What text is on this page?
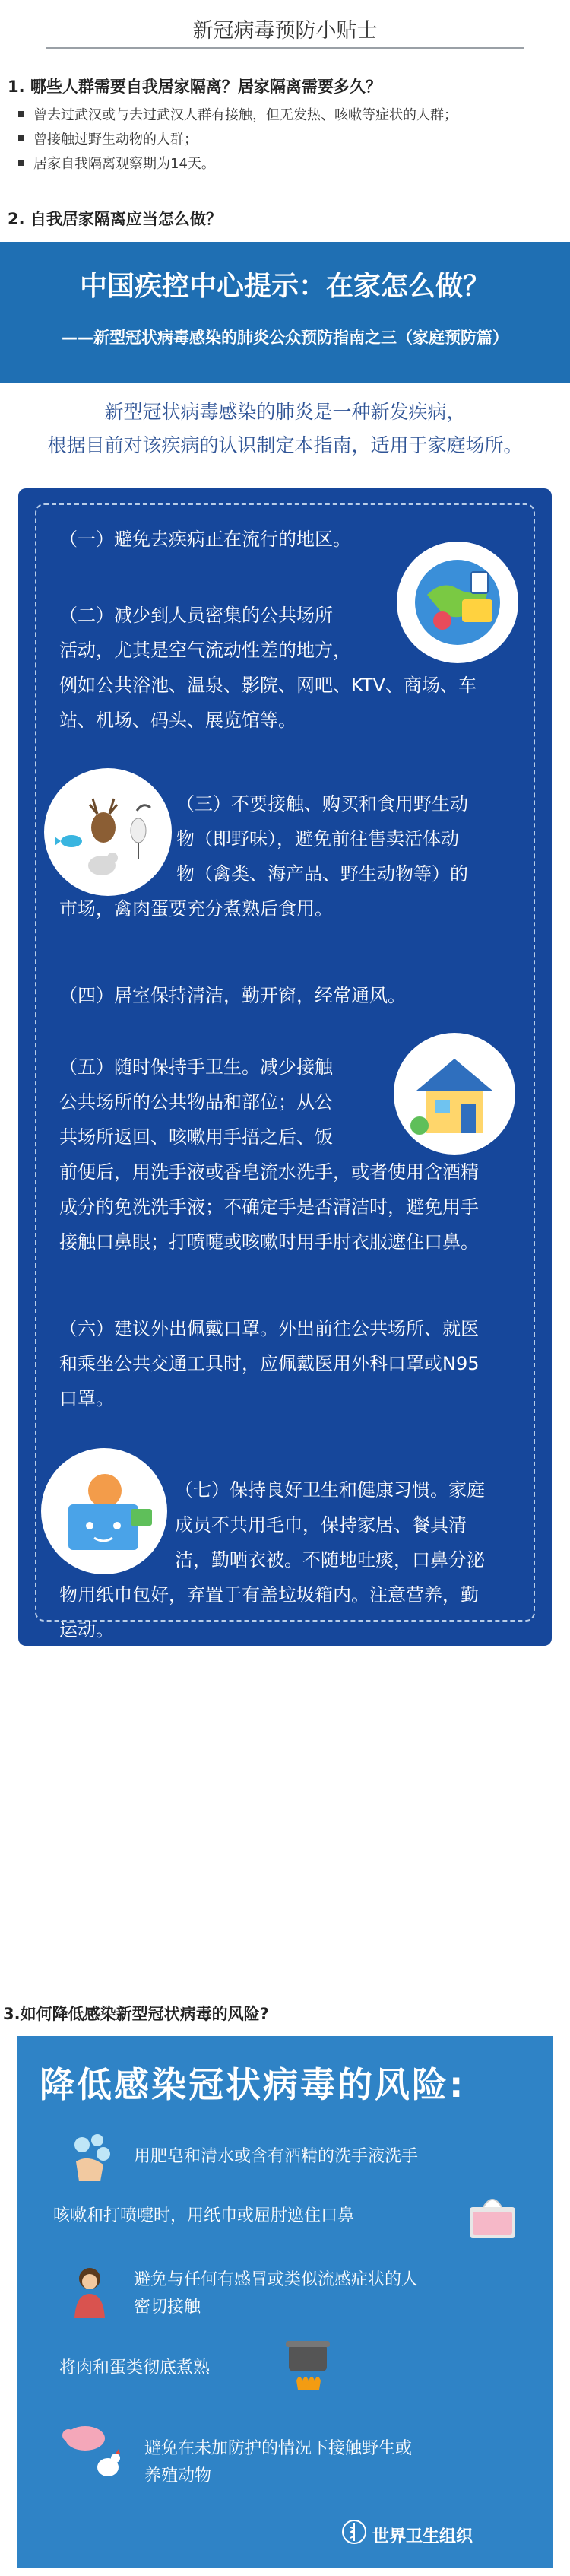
新冠病毒预防小贴士
1. 哪些人群需要自我居家隔离？居家隔离需要多久？
曾去过武汉或与去过武汉人群有接触，但无发热、咳嗽等症状的人群；
曾接触过野生动物的人群；
居家自我隔离观察期为14天。
2. 自我居家隔离应当怎么做？
中国疾控中心提示：在家怎么做？
——新型冠状病毒感染的肺炎公众预防指南之三（家庭预防篇）
新型冠状病毒感染的肺炎是一种新发疾病，
根据目前对该疾病的认识制定本指南，适用于家庭场所。
（一）避免去疾病正在流行的地区。
（二）减少到人员密集的公共场所
活动，尤其是空气流动性差的地方，
例如公共浴池、温泉、影院、网吧、KTV、商场、车
站、机场、码头、展览馆等。
（三）不要接触、购买和食用野生动
物（即野味），避免前往售卖活体动
物（禽类、海产品、野生动物等）的
市场，禽肉蛋要充分煮熟后食用。
（四）居室保持清洁，勤开窗，经常通风。
（五）随时保持手卫生。减少接触
公共场所的公共物品和部位；从公
共场所返回、咳嗽用手捂之后、饭
前便后，用洗手液或香皂流水洗手，或者使用含酒精
成分的免洗洗手液；不确定手是否清洁时，避免用手
接触口鼻眼；打喷嚏或咳嗽时用手肘衣服遮住口鼻。
（六）建议外出佩戴口罩。外出前往公共场所、就医
和乘坐公共交通工具时，应佩戴医用外科口罩或N95
口罩。
（七）保持良好卫生和健康习惯。家庭
成员不共用毛巾，保持家居、餐具清
洁，勤晒衣被。不随地吐痰，口鼻分泌
物用纸巾包好，弃置于有盖垃圾箱内。注意营养，勤
运动。
（八）主动做好个人及家庭成员的健康监测。自觉发
热时要主动测量体温。家中有小孩的，要早晚摸小孩
的额头，如有发热要为其测量体温。
（九）准备常用物资。家庭备置体温计、一次性口
罩、家庭用的消毒用品等物资。
3.如何降低感染新型冠状病毒的风险?
降低感染冠状病毒的风险:
用肥皂和清水或含有酒精的洗手液洗手
咳嗽和打喷嚏时，用纸巾或屈肘遮住口鼻
避免与任何有感冒或类似流感症状的人
密切接触
将肉和蛋类彻底煮熟
避免在未加防护的情况下接触野生或
养殖动物
世界卫生组织
